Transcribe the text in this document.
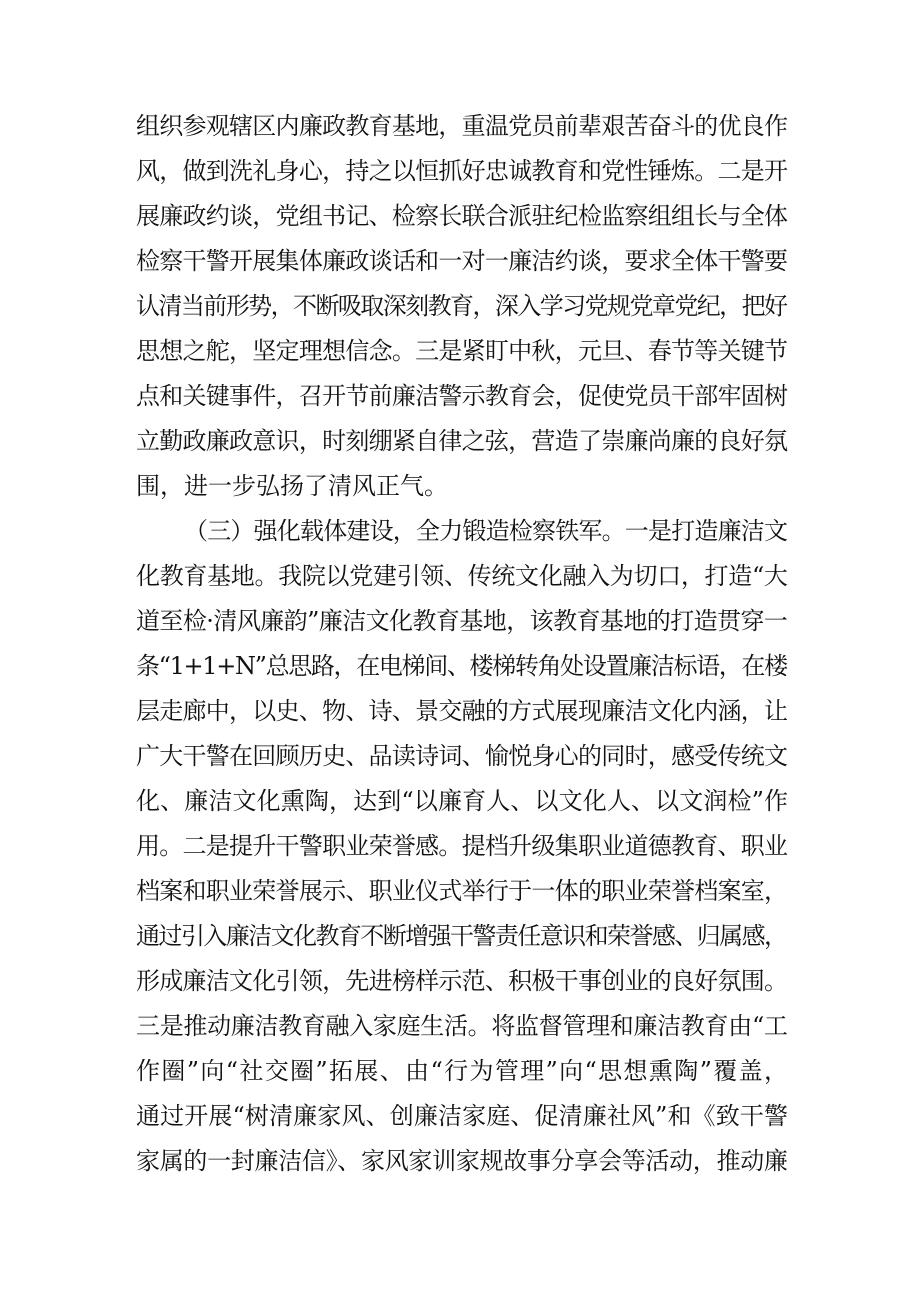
组织参观辖区内廉政教育基地，重温党员前辈艰苦奋斗的优良作
风，做到洗礼身心，持之以恒抓好忠诚教育和党性锤炼。二是开
展廉政约谈，党组书记、检察长联合派驻纪检监察组组长与全体
检察干警开展集体廉政谈话和一对一廉洁约谈，要求全体干警要
认清当前形势，不断吸取深刻教育，深入学习党规党章党纪，把好
思想之舵，坚定理想信念。三是紧盯中秋，元旦、春节等关键节
点和关键事件，召开节前廉洁警示教育会，促使党员干部牢固树
立勤政廉政意识，时刻绷紧自律之弦，营造了崇廉尚廉的良好氛
围，进一步弘扬了清风正气。
（三）强化载体建设，全力锻造检察铁军。一是打造廉洁文
化教育基地。我院以党建引领、传统文化融入为切口，打造“大
道至检·清风廉韵”廉洁文化教育基地，该教育基地的打造贯穿一
条“1+1+N”总思路，在电梯间、楼梯转角处设置廉洁标语，在楼
层走廊中，以史、物、诗、景交融的方式展现廉洁文化内涵，让
广大干警在回顾历史、品读诗词、愉悦身心的同时，感受传统文
化、廉洁文化熏陶，达到“以廉育人、以文化人、以文润检”作
用。二是提升干警职业荣誉感。提档升级集职业道德教育、职业
档案和职业荣誉展示、职业仪式举行于一体的职业荣誉档案室，
通过引入廉洁文化教育不断增强干警责任意识和荣誉感、归属感，
形成廉洁文化引领，先进榜样示范、积极干事创业的良好氛围。
三是推动廉洁教育融入家庭生活。将监督管理和廉洁教育由“工
作圈”向“社交圈”拓展、由“行为管理”向“思想熏陶”覆盖，
通过开展“树清廉家风、创廉洁家庭、促清廉社风”和《致干警
家属的一封廉洁信》、家风家训家规故事分享会等活动，推动廉
